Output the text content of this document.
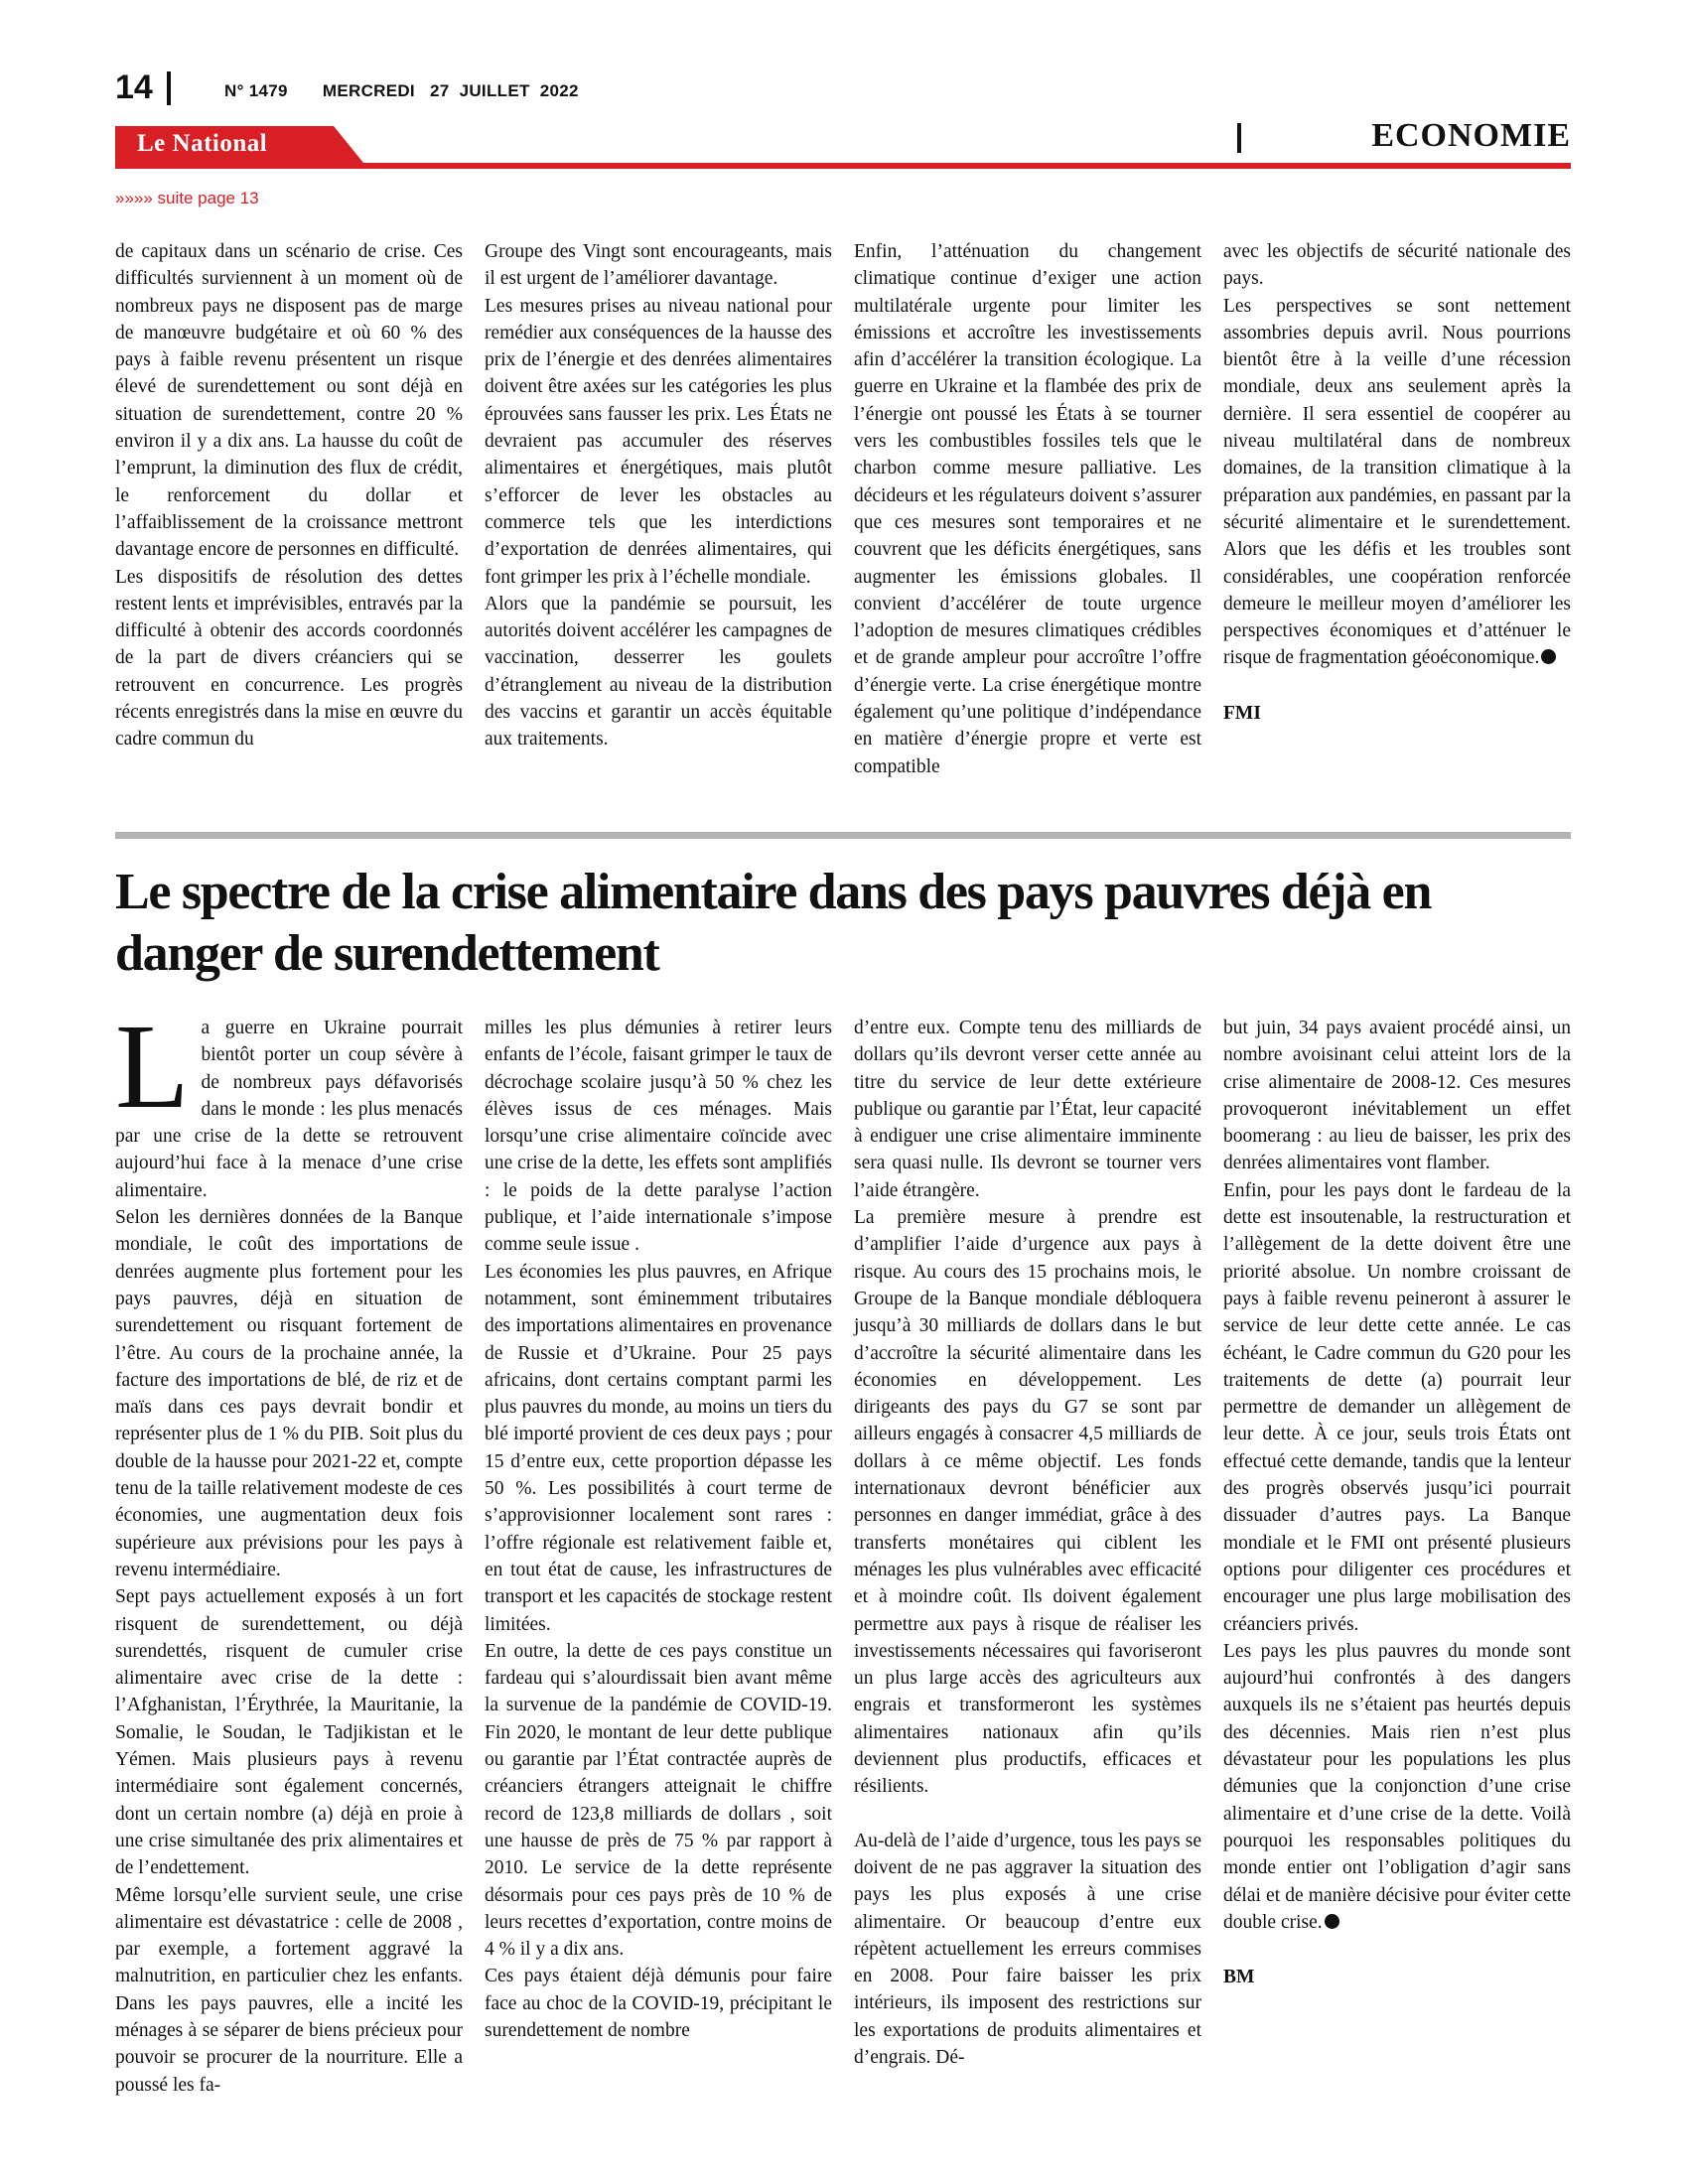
14	N° 1479 MERCREDI 27  JUILLET  2022
Le National	ECONOMIE
»»»» suite page 13

de capitaux dans un scénario de crise. Ces difficultés surviennent à un moment où de nombreux pays ne disposent pas de marge de manœuvre budgétaire et où 60 % des pays à faible revenu présentent un risque élevé de surendettement ou sont déjà en situation de surendettement, contre 20 % environ il y a dix ans. La hausse du coût de l’emprunt, la diminution des flux de crédit, le renforcement du dollar et l’affaiblissement de la croissance mettront davantage encore de personnes en difficulté.

Les dispositifs de résolution des dettes restent lents et imprévisibles, entravés par la difficulté à obtenir des accords coordonnés de la part de divers créanciers qui se retrouvent en concurrence. Les progrès récents enregistrés dans la mise en œuvre du cadre commun du

Groupe des Vingt sont encourageants, mais il est urgent de l’améliorer davantage.

Les mesures prises au niveau national pour remédier aux conséquences de la hausse des prix de l’énergie et des denrées alimentaires doivent être axées sur les catégories les plus éprouvées sans fausser les prix. Les États ne devraient pas accumuler des réserves alimentaires et énergétiques, mais plutôt s’efforcer de lever les obstacles au commerce tels que les interdictions d’exportation de denrées alimentaires, qui font grimper les prix à l’échelle mondiale.

Alors que la pandémie se poursuit, les autorités doivent accélérer les campagnes de vaccination, desserrer les goulets d’étranglement au niveau de la distribution des vaccins et garantir un accès équitable aux traitements.

Enfin, l’atténuation du changement climatique continue d’exiger une action multilatérale urgente pour limiter les émissions et accroître les investissements afin d’accélérer la transition écologique. La guerre en Ukraine et la flambée des prix de l’énergie ont poussé les États à se tourner vers les combustibles fossiles tels que le charbon comme mesure palliative. Les décideurs et les régulateurs doivent s’assurer que ces mesures sont temporaires et ne couvrent que les déficits énergétiques, sans augmenter les émissions globales. Il convient d’accélérer de toute urgence l’adoption de mesures climatiques crédibles et de grande ampleur pour accroître l’offre d’énergie verte. La crise énergétique montre également qu’une politique d’indépendance en matière d’énergie propre et verte est compatible

avec les objectifs de sécurité nationale des pays.

Les perspectives se sont nettement assombries depuis avril. Nous pourrions bientôt être à la veille d’une récession mondiale, deux ans seulement après la dernière. Il sera essentiel de coopérer au niveau multilatéral dans de nombreux domaines, de la transition climatique à la préparation aux pandémies, en passant par la sécurité alimentaire et le surendettement. Alors que les défis et les troubles sont considérables, une coopération renforcée demeure le meilleur moyen d’améliorer les perspectives économiques et d’atténuer le risque de fragmentation géoéconomique.

FMI

Le spectre de la crise alimentaire dans des pays pauvres déjà en danger de surendettement

La guerre en Ukraine pourrait bientôt porter un coup sévère à de nombreux pays défavorisés dans le monde : les plus menacés par une crise de la dette se retrouvent aujourd’hui face à la menace d’une crise alimentaire.

Selon les dernières données de la Banque mondiale, le coût des importations de denrées augmente plus fortement pour les pays pauvres, déjà en situation de surendettement ou risquant fortement de l’être. Au cours de la prochaine année, la facture des importations de blé, de riz et de maïs dans ces pays devrait bondir et représenter plus de 1 % du PIB. Soit plus du double de la hausse pour 2021-22 et, compte tenu de la taille relativement modeste de ces économies, une augmentation deux fois supérieure aux prévisions pour les pays à revenu intermédiaire.

Sept pays actuellement exposés à un fort risquent de surendettement, ou déjà surendettés, risquent de cumuler crise alimentaire avec crise de la dette : l’Afghanistan, l’Érythrée, la Mauritanie, la Somalie, le Soudan, le Tadjikistan et le Yémen. Mais plusieurs pays à revenu intermédiaire sont également concernés, dont un certain nombre (a) déjà en proie à une crise simultanée des prix alimentaires et de l’endettement.

Même lorsqu’elle survient seule, une crise alimentaire est dévastatrice : celle de 2008 , par exemple, a fortement aggravé la malnutrition, en particulier chez les enfants. Dans les pays pauvres, elle a incité les ménages à se séparer de biens précieux pour pouvoir se procurer de la nourriture. Elle a poussé les fa-

milles les plus démunies à retirer leurs enfants de l’école, faisant grimper le taux de décrochage scolaire jusqu’à 50 % chez les élèves issus de ces ménages. Mais lorsqu’une crise alimentaire coïncide avec une crise de la dette, les effets sont amplifiés : le poids de la dette paralyse l’action publique, et l’aide internationale s’impose comme seule issue .

Les économies les plus pauvres, en Afrique notamment, sont éminemment tributaires des importations alimentaires en provenance de Russie et d’Ukraine. Pour 25 pays africains, dont certains comptant parmi les plus pauvres du monde, au moins un tiers du blé importé provient de ces deux pays ; pour 15 d’entre eux, cette proportion dépasse les 50 %. Les possibilités à court terme de s’approvisionner localement sont rares : l’offre régionale est relativement faible et, en tout état de cause, les infrastructures de transport et les capacités de stockage restent limitées.

En outre, la dette de ces pays constitue un fardeau qui s’alourdissait bien avant même la survenue de la pandémie de COVID-19. Fin 2020, le montant de leur dette publique ou garantie par l’État contractée auprès de créanciers étrangers atteignait le chiffre record de 123,8 milliards de dollars , soit une hausse de près de 75 % par rapport à 2010. Le service de la dette représente désormais pour ces pays près de 10 % de leurs recettes d’exportation, contre moins de 4 % il y a dix ans.

Ces pays étaient déjà démunis pour faire face au choc de la COVID-19, précipitant le surendettement de nombre

d’entre eux. Compte tenu des milliards de dollars qu’ils devront verser cette année au titre du service de leur dette extérieure publique ou garantie par l’État, leur capacité à endiguer une crise alimentaire imminente sera quasi nulle. Ils devront se tourner vers l’aide étrangère.

La première mesure à prendre est d’amplifier l’aide d’urgence aux pays à risque. Au cours des 15 prochains mois, le Groupe de la Banque mondiale débloquera jusqu’à 30 milliards de dollars dans le but d’accroître la sécurité alimentaire dans les économies en développement. Les dirigeants des pays du G7 se sont par ailleurs engagés à consacrer 4,5 milliards de dollars à ce même objectif. Les fonds internationaux devront bénéficier aux personnes en danger immédiat, grâce à des transferts monétaires qui ciblent les ménages les plus vulnérables avec efficacité et à moindre coût. Ils doivent également permettre aux pays à risque de réaliser les investissements nécessaires qui favoriseront un plus large accès des agriculteurs aux engrais et transformeront les systèmes alimentaires nationaux afin qu’ils deviennent plus productifs, efficaces et résilients.

Au-delà de l’aide d’urgence, tous les pays se doivent de ne pas aggraver la situation des pays les plus exposés à une crise alimentaire. Or beaucoup d’entre eux répètent actuellement les erreurs commises en 2008. Pour faire baisser les prix intérieurs, ils imposent des restrictions sur les exportations de produits alimentaires et d’engrais. Dé-

but juin, 34 pays avaient procédé ainsi, un nombre avoisinant celui atteint lors de la crise alimentaire de 2008-12. Ces mesures provoqueront inévitablement un effet boomerang : au lieu de baisser, les prix des denrées alimentaires vont flamber.

Enfin, pour les pays dont le fardeau de la dette est insoutenable, la restructuration et l’allègement de la dette doivent être une priorité absolue. Un nombre croissant de pays à faible revenu peineront à assurer le service de leur dette cette année. Le cas échéant, le Cadre commun du G20 pour les traitements de dette (a) pourrait leur permettre de demander un allègement de leur dette. À ce jour, seuls trois États ont effectué cette demande, tandis que la lenteur des progrès observés jusqu’ici pourrait dissuader d’autres pays. La Banque mondiale et le FMI ont présenté plusieurs options pour diligenter ces procédures et encourager une plus large mobilisation des créanciers privés.

Les pays les plus pauvres du monde sont aujourd’hui confrontés à des dangers auxquels ils ne s’étaient pas heurtés depuis des décennies. Mais rien n’est plus dévastateur pour les populations les plus démunies que la conjonction d’une crise alimentaire et d’une crise de la dette. Voilà pourquoi les responsables politiques du monde entier ont l’obligation d’agir sans délai et de manière décisive pour éviter cette double crise.

BM
